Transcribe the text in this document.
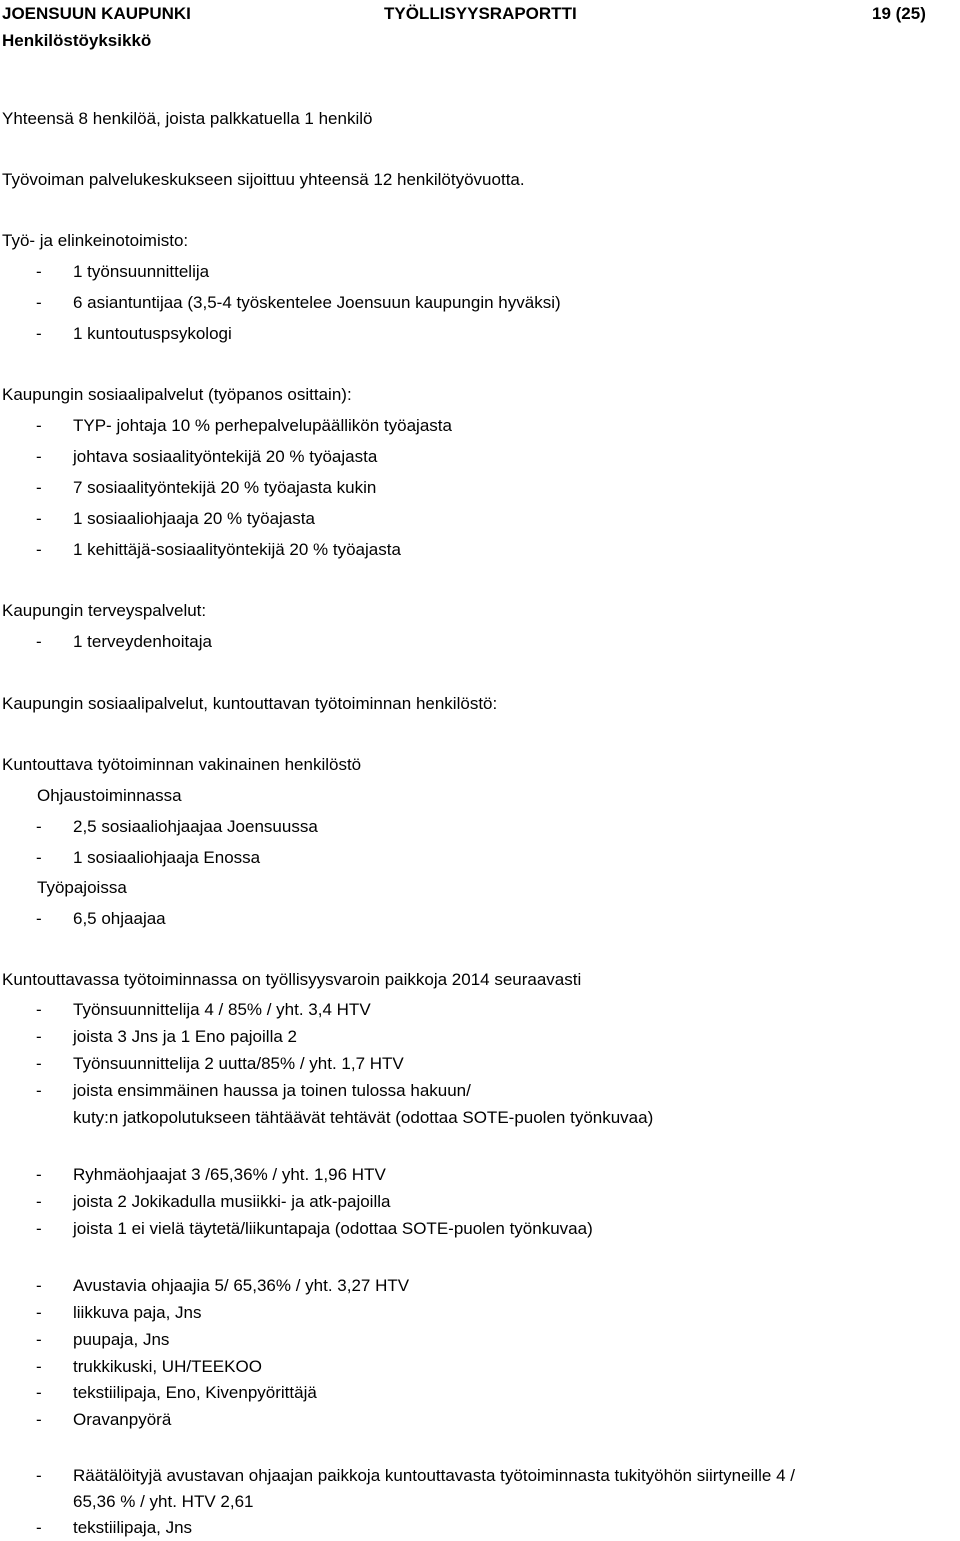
JOENSUUN KAUPUNKI
Henkilöstöyksikkö
TYÖLLISYYSRAPORTTI	19 (25)
Yhteensä 8 henkilöä, joista palkkatuella 1 henkilö
Työvoiman palvelukeskukseen sijoittuu yhteensä 12 henkilötyövuotta.
Työ- ja elinkeinotoimisto:
- 1 työnsuunnittelija
- 6 asiantuntijaa (3,5-4 työskentelee Joensuun kaupungin hyväksi)
- 1 kuntoutuspsykologi
Kaupungin sosiaalipalvelut (työpanos osittain):
- TYP- johtaja 10 % perhepalvelupäällikön työajasta
- johtava sosiaalityöntekijä 20 % työajasta
- 7 sosiaalityöntekijä 20 % työajasta kukin
- 1 sosiaaliohjaaja 20 % työajasta
- 1 kehittäjä-sosiaalityöntekijä 20 % työajasta
Kaupungin terveyspalvelut:
- 1 terveydenhoitaja
Kaupungin sosiaalipalvelut, kuntouttavan työtoiminnan henkilöstö:
Kuntouttava työtoiminnan vakinainen henkilöstö
Ohjaustoiminnassa
- 2,5 sosiaaliohjaajaa Joensuussa
- 1 sosiaaliohjaaja Enossa
Työpajoissa
- 6,5 ohjaajaa
Kuntouttavassa työtoiminnassa on työllisyysvaroin paikkoja 2014 seuraavasti
- Työnsuunnittelija 4 / 85% / yht. 3,4 HTV
- joista 3 Jns ja 1 Eno pajoilla 2
- Työnsuunnittelija 2 uutta/85% / yht. 1,7 HTV
- joista ensimmäinen haussa ja toinen tulossa hakuun/
kuty:n jatkopolutukseen tähtäävät tehtävät (odottaa SOTE-puolen työnkuvaa)
- Ryhmäohjaajat 3 /65,36% / yht. 1,96 HTV
- joista 2 Jokikadulla musiikki- ja atk-pajoilla
- joista 1 ei vielä täytetä/liikuntapaja (odottaa SOTE-puolen työnkuvaa)
- Avustavia ohjaajia 5/ 65,36% / yht. 3,27 HTV
- liikkuva paja, Jns
- puupaja, Jns
- trukkikuski, UH/TEEKOO
- tekstiilipaja, Eno, Kivenpyörittäjä
- Oravanpyörä
- Räätälöityjä avustavan ohjaajan paikkoja kuntouttavasta työtoiminnasta tukityöhön siirtyneille 4 /
65,36 % / yht. HTV 2,61
- tekstiilipaja, Jns
